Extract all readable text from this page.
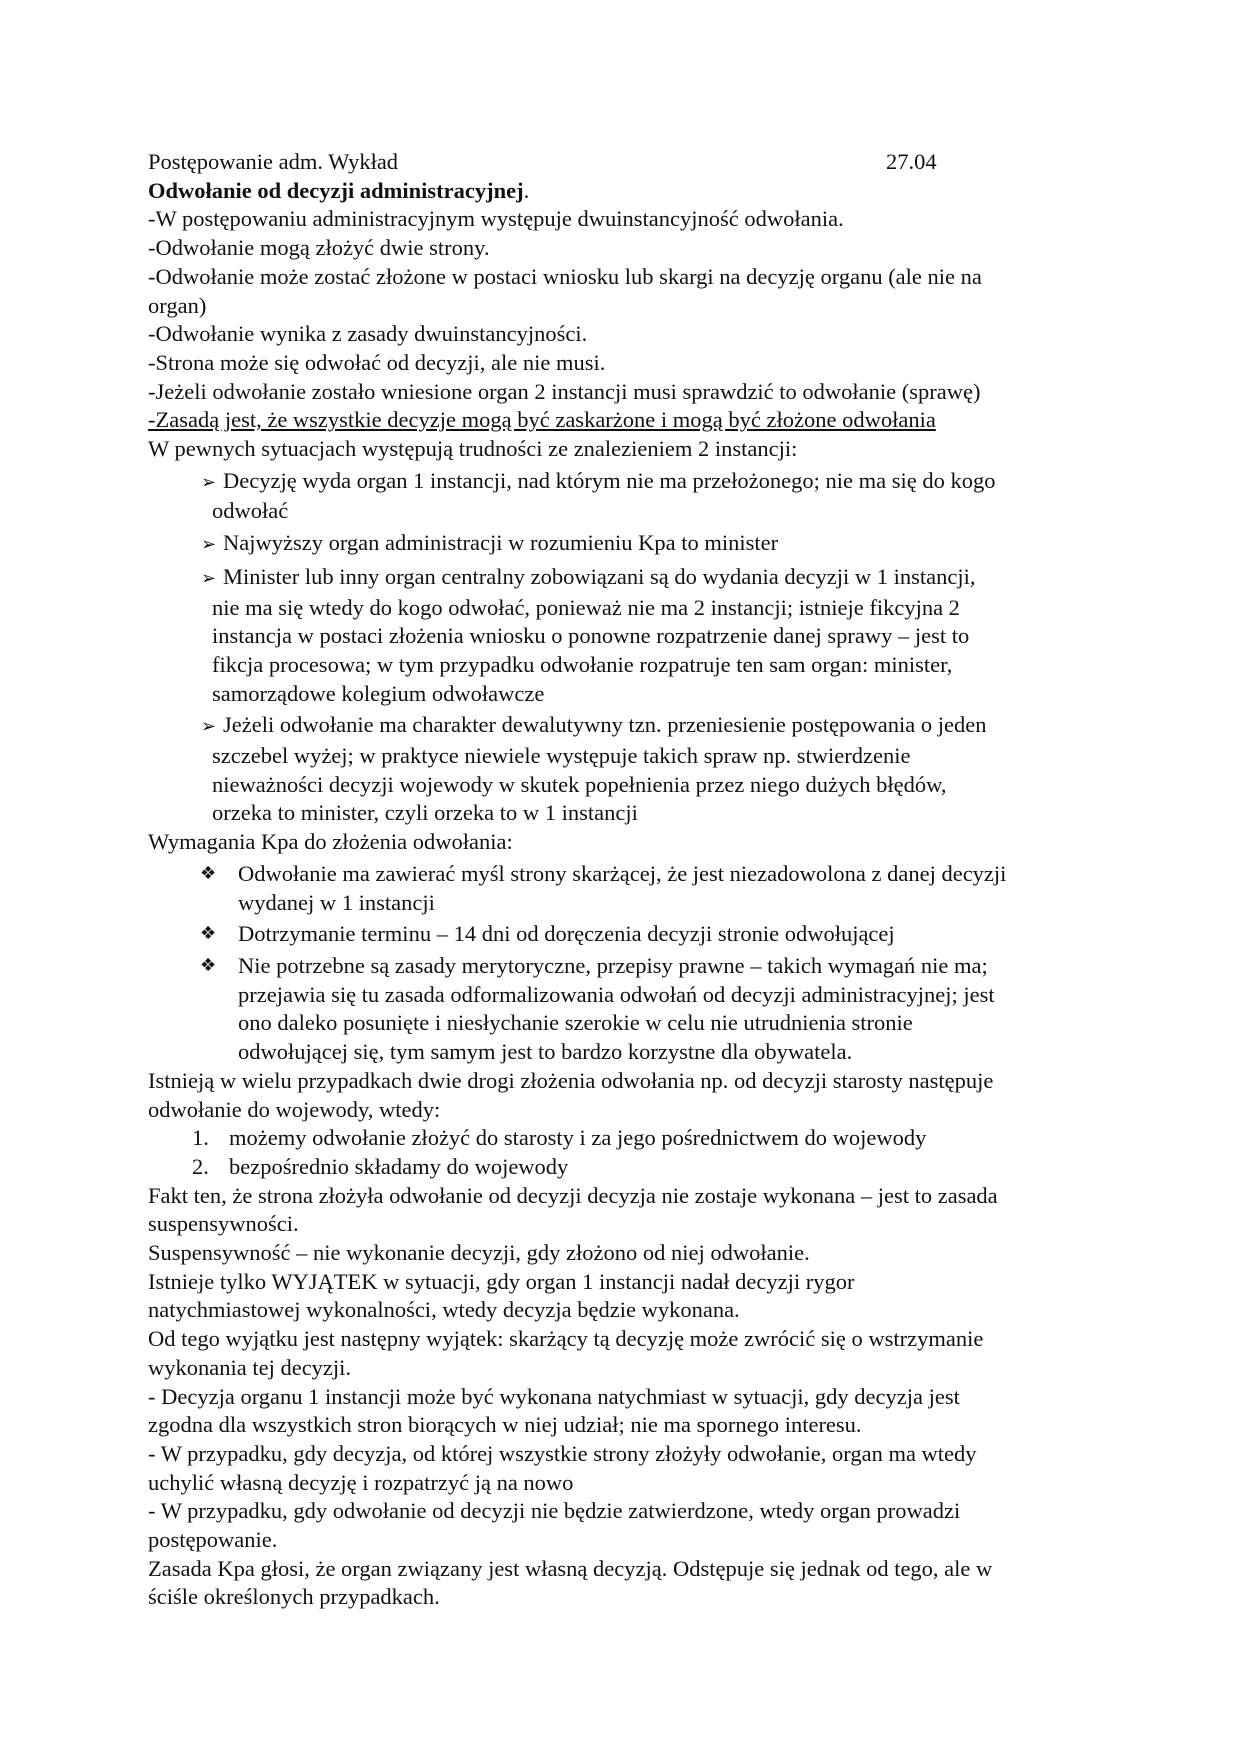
Postępowanie adm. Wykład	27.04
Odwołanie od decyzji administracyjnej.
-W postępowaniu administracyjnym występuje dwuinstancyjność odwołania.
-Odwołanie mogą złożyć dwie strony.
-Odwołanie może zostać złożone w postaci wniosku lub skargi na decyzję organu (ale nie na
organ)
-Odwołanie wynika z zasady dwuinstancyjności.
-Strona może się odwołać od decyzji, ale nie musi.
-Jeżeli odwołanie zostało wniesione organ 2 instancji musi sprawdzić to odwołanie (sprawę)
-Zasadą jest, że wszystkie decyzje mogą być zaskarżone i mogą być złożone odwołania
W pewnych sytuacjach występują trudności ze znalezieniem 2 instancji:
➢ Decyzję wyda organ 1 instancji, nad którym nie ma przełożonego; nie ma się do kogo
odwołać
➢ Najwyższy organ administracji w rozumieniu Kpa to minister
➢ Minister lub inny organ centralny zobowiązani są do wydania decyzji w 1 instancji,
nie ma się wtedy do kogo odwołać, ponieważ nie ma 2 instancji; istnieje fikcyjna 2
instancja w postaci złożenia wniosku o ponowne rozpatrzenie danej sprawy – jest to
fikcja procesowa; w tym przypadku odwołanie rozpatruje ten sam organ: minister,
samorządowe kolegium odwoławcze
➢ Jeżeli odwołanie ma charakter dewalutywny tzn. przeniesienie postępowania o jeden
szczebel wyżej; w praktyce niewiele występuje takich spraw np. stwierdzenie
nieważności decyzji wojewody w skutek popełnienia przez niego dużych błędów,
orzeka to minister, czyli orzeka to w 1 instancji
Wymagania Kpa do złożenia odwołania:
❖ Odwołanie ma zawierać myśl strony skarżącej, że jest niezadowolona z danej decyzji
wydanej w 1 instancji
❖ Dotrzymanie terminu – 14 dni od doręczenia decyzji stronie odwołującej
❖ Nie potrzebne są zasady merytoryczne, przepisy prawne – takich wymagań nie ma;
przejawia się tu zasada odformalizowania odwołań od decyzji administracyjnej; jest
ono daleko posunięte i niesłychanie szerokie w celu nie utrudnienia stronie
odwołującej się, tym samym jest to bardzo korzystne dla obywatela.
Istnieją w wielu przypadkach dwie drogi złożenia odwołania np. od decyzji starosty następuje
odwołanie do wojewody, wtedy:
1. możemy odwołanie złożyć do starosty i za jego pośrednictwem do wojewody
2. bezpośrednio składamy do wojewody
Fakt ten, że strona złożyła odwołanie od decyzji decyzja nie zostaje wykonana – jest to zasada
suspensywności.
Suspensywność – nie wykonanie decyzji, gdy złożono od niej odwołanie.
Istnieje tylko WYJĄTEK w sytuacji, gdy organ 1 instancji nadał decyzji rygor
natychmiastowej wykonalności, wtedy decyzja będzie wykonana.
Od tego wyjątku jest następny wyjątek: skarżący tą decyzję może zwrócić się o wstrzymanie
wykonania tej decyzji.
- Decyzja organu 1 instancji może być wykonana natychmiast w sytuacji, gdy decyzja jest
zgodna dla wszystkich stron biorących w niej udział; nie ma spornego interesu.
- W przypadku, gdy decyzja, od której wszystkie strony złożyły odwołanie, organ ma wtedy
uchylić własną decyzję i rozpatrzyć ją na nowo
- W przypadku, gdy odwołanie od decyzji nie będzie zatwierdzone, wtedy organ prowadzi
postępowanie.
Zasada Kpa głosi, że organ związany jest własną decyzją. Odstępuje się jednak od tego, ale w
ściśle określonych przypadkach.
